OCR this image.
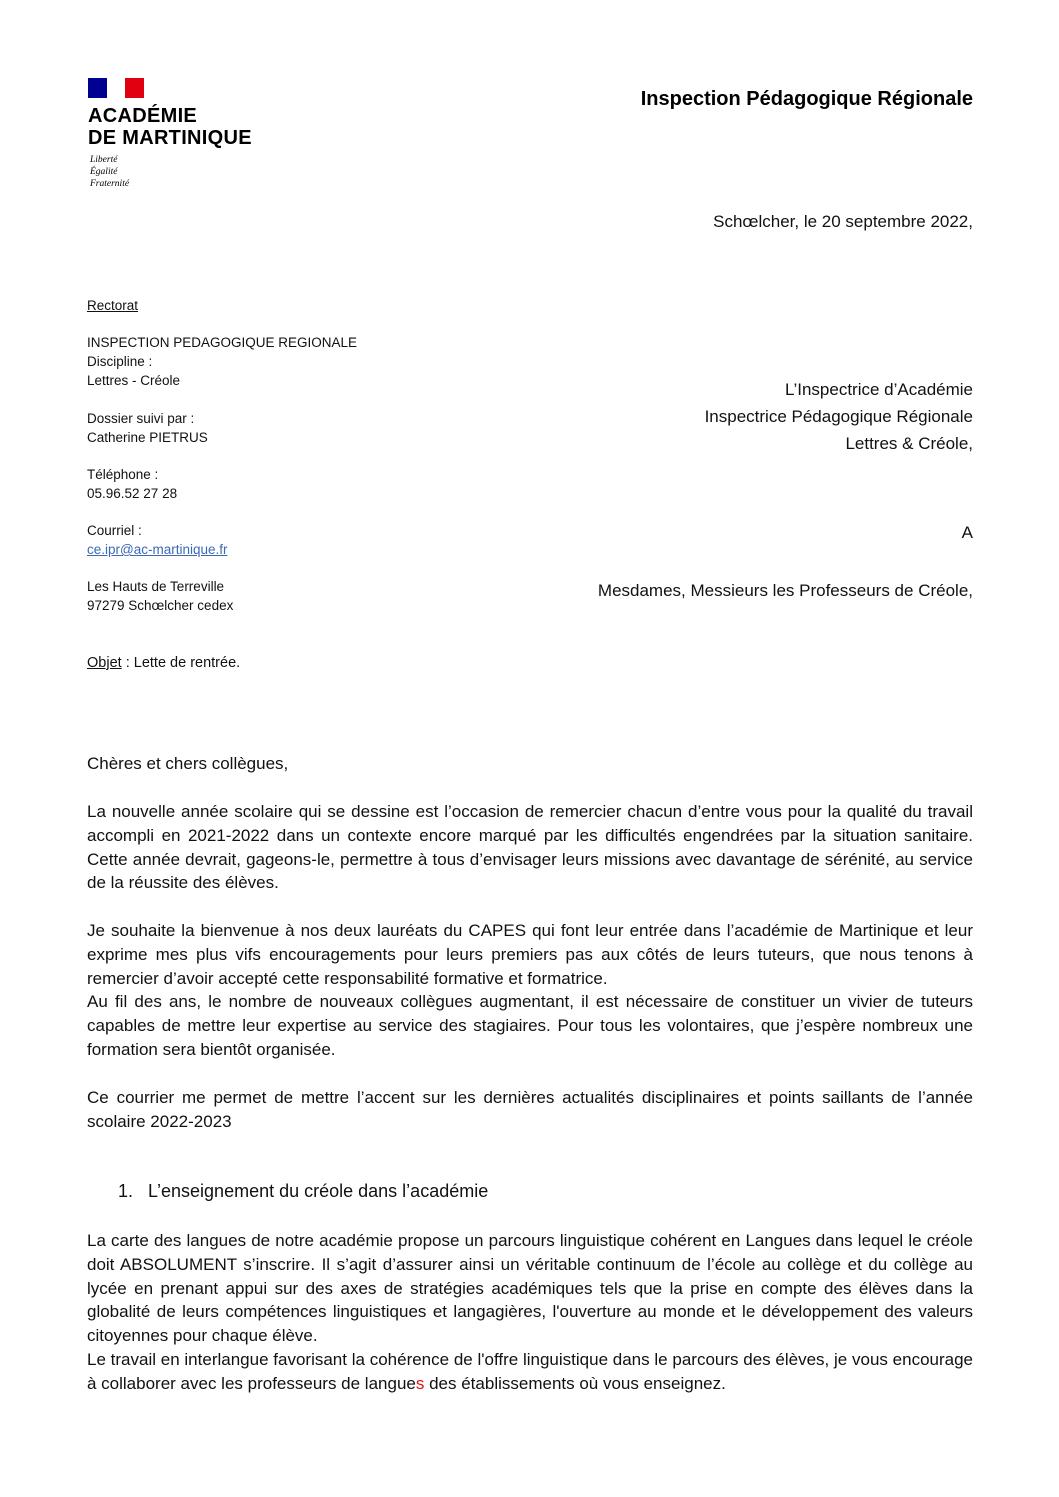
ACADÉMIE
DE MARTINIQUE
Liberté
Égalité
Fraternité
Inspection Pédagogique Régionale
Schœlcher, le 20 septembre 2022,
Rectorat
INSPECTION PEDAGOGIQUE REGIONALE
Discipline :
Lettres - Créole
Dossier suivi par :
Catherine PIETRUS
Téléphone :
05.96.52 27 28
Courriel :
ce.ipr@ac-martinique.fr
Les Hauts de Terreville
97279 Schœlcher cedex
L’Inspectrice d’Académie
Inspectrice Pédagogique Régionale
Lettres & Créole,
A
Mesdames, Messieurs les Professeurs de Créole,
Objet : Lette de rentrée.
Chères et chers collègues,

La nouvelle année scolaire qui se dessine est l’occasion de remercier chacun d’entre vous pour la qualité du travail accompli en 2021-2022 dans un contexte encore marqué par les difficultés engendrées par la situation sanitaire. Cette année devrait, gageons-le, permettre à tous d’envisager leurs missions avec davantage de sérénité, au service de la réussite des élèves.

Je souhaite la bienvenue à nos deux lauréats du CAPES qui font leur entrée dans l’académie de Martinique et leur exprime mes plus vifs encouragements pour leurs premiers pas aux côtés de leurs tuteurs, que nous tenons à remercier d’avoir accepté cette responsabilité formative et formatrice.

Au fil des ans, le nombre de nouveaux collègues augmentant, il est nécessaire de constituer un vivier de tuteurs capables de mettre leur expertise au service des stagiaires. Pour tous les volontaires, que j’espère nombreux une formation sera bientôt organisée.

Ce courrier me permet de mettre l’accent sur les dernières actualités disciplinaires et points saillants de l’année scolaire 2022-2023

1. L’enseignement du créole dans l’académie

La carte des langues de notre académie propose un parcours linguistique cohérent en Langues dans lequel le créole doit ABSOLUMENT s’inscrire. Il s’agit d’assurer ainsi un véritable continuum de l’école au collège et du collège au lycée en prenant appui sur des axes de stratégies académiques tels que la prise en compte des élèves dans la globalité de leurs compétences linguistiques et langagières, l'ouverture au monde et le développement des valeurs citoyennes pour chaque élève.

Le travail en interlangue favorisant la cohérence de l'offre linguistique dans le parcours des élèves, je vous encourage à collaborer avec les professeurs de langues des établissements où vous enseignez.
